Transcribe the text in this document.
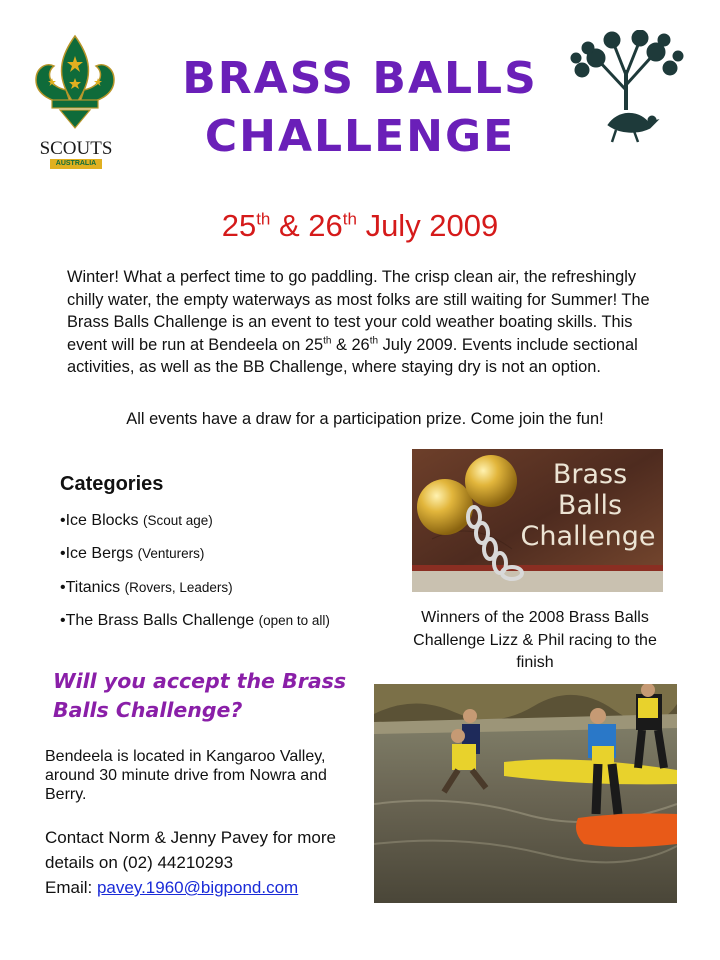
SCOUTS
AUSTRALIA
BRASS BALLS
CHALLENGE
25th & 26th July 2009
Winter! What a perfect time to go paddling. The crisp clean air, the refreshingly chilly water, the empty waterways as most folks are still waiting for Summer! The Brass Balls Challenge is an event to test your cold weather boating skills. This event will be run at Bendeela on 25th & 26th July 2009. Events include sectional activities, as well as the BB Challenge, where staying dry is not an option.
All events have a draw for a participation prize. Come join the fun!
Categories
•Ice Blocks (Scout age)
•Ice Bergs (Venturers)
•Titanics (Rovers, Leaders)
•The Brass Balls Challenge (open to all)
Brass
Balls
Challenge
Winners of the 2008 Brass Balls Challenge Lizz & Phil racing to the finish
Will you accept the Brass Balls Challenge?
Bendeela is located in Kangaroo Valley, around 30 minute drive from Nowra and Berry.
Contact Norm & Jenny Pavey for more details on (02) 44210293
Email: pavey.1960@bigpond.com
